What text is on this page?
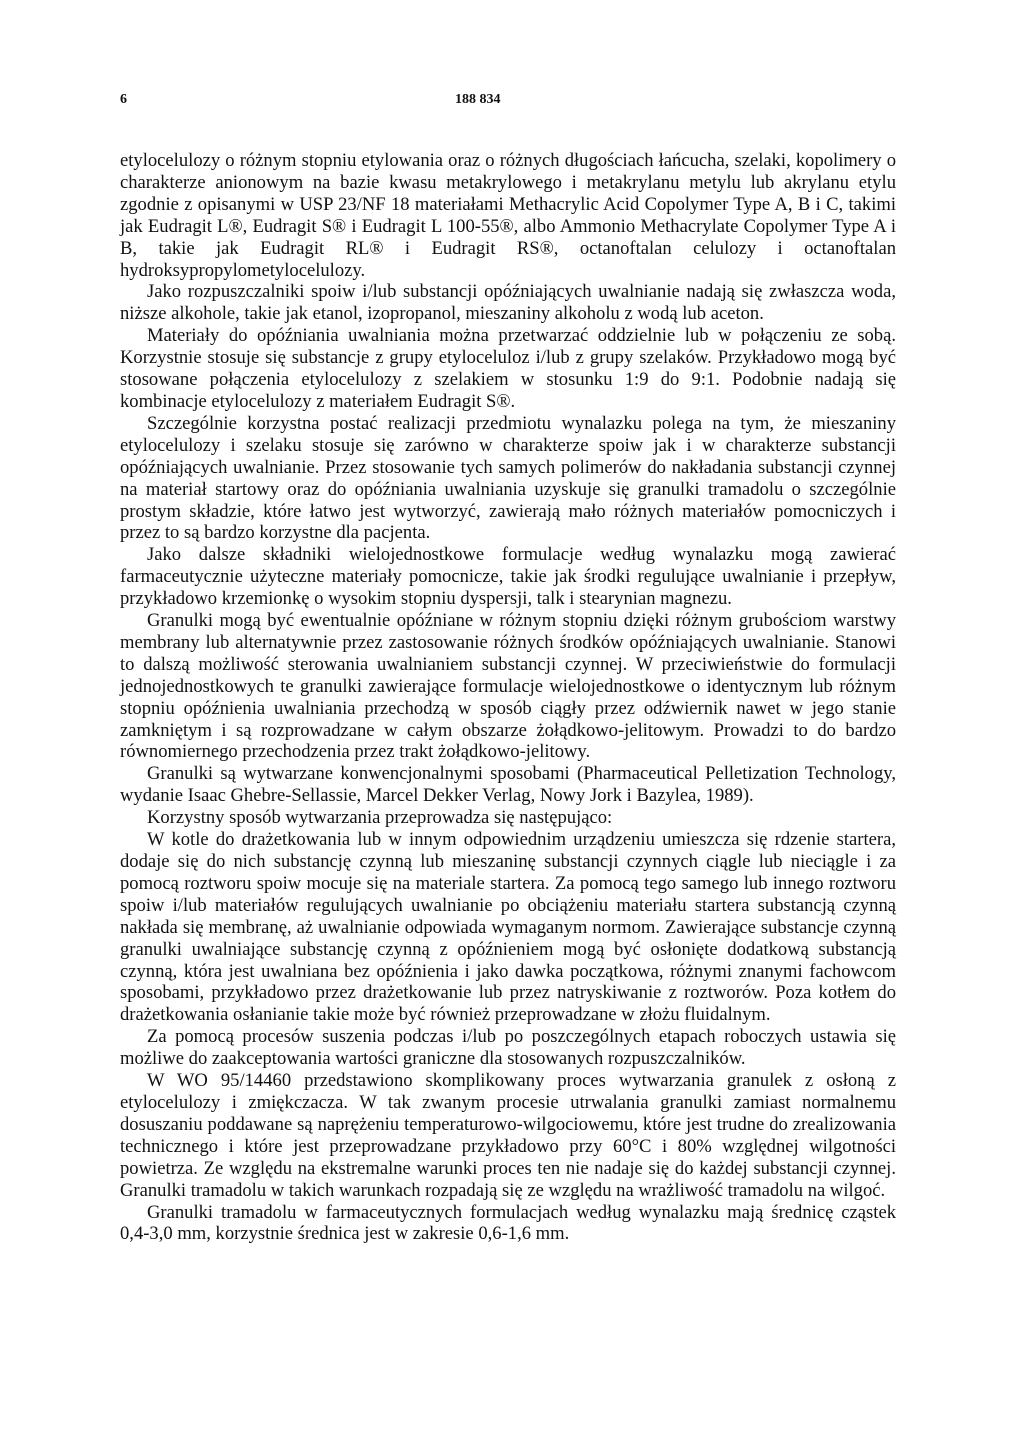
6	188 834

etylocelulozy o różnym stopniu etylowania oraz o różnych długościach łańcucha, szelaki, kopolimery o charakterze anionowym na bazie kwasu metakrylowego i metakrylanu metylu lub akrylanu etylu zgodnie z opisanymi w USP 23/NF 18 materiałami Methacrylic Acid Copolymer Type A, B i C, takimi jak Eudragit L®, Eudragit S® i Eudragit L 100-55®, albo Ammonio Methacrylate Copolymer Type A i B, takie jak Eudragit RL® i Eudragit RS®, octanoftalan celulozy i octanoftalan hydroksypropylometylocelulozy.

Jako rozpuszczalniki spoiw i/lub substancji opóźniających uwalnianie nadają się zwłaszcza woda, niższe alkohole, takie jak etanol, izopropanol, mieszaniny alkoholu z wodą lub aceton.

Materiały do opóźniania uwalniania można przetwarzać oddzielnie lub w połączeniu ze sobą. Korzystnie stosuje się substancje z grupy etyloceluloz i/lub z grupy szelaków. Przykładowo mogą być stosowane połączenia etylocelulozy z szelakiem w stosunku 1:9 do 9:1. Podobnie nadają się kombinacje etylocelulozy z materiałem Eudragit S®.

Szczególnie korzystna postać realizacji przedmiotu wynalazku polega na tym, że mieszaniny etylocelulozy i szelaku stosuje się zarówno w charakterze spoiw jak i w charakterze substancji opóźniających uwalnianie. Przez stosowanie tych samych polimerów do nakładania substancji czynnej na materiał startowy oraz do opóźniania uwalniania uzyskuje się granulki tramadolu o szczególnie prostym składzie, które łatwo jest wytworzyć, zawierają mało różnych materiałów pomocniczych i przez to są bardzo korzystne dla pacjenta.

Jako dalsze składniki wielojednostkowe formulacje według wynalazku mogą zawierać farmaceutycznie użyteczne materiały pomocnicze, takie jak środki regulujące uwalnianie i przepływ, przykładowo krzemionkę o wysokim stopniu dyspersji, talk i stearynian magnezu.

Granulki mogą być ewentualnie opóźniane w różnym stopniu dzięki różnym grubościom warstwy membrany lub alternatywnie przez zastosowanie różnych środków opóźniających uwalnianie. Stanowi to dalszą możliwość sterowania uwalnianiem substancji czynnej. W przeciwieństwie do formulacji jednojednostkowych te granulki zawierające formulacje wielojednostkowe o identycznym lub różnym stopniu opóźnienia uwalniania przechodzą w sposób ciągły przez odźwiernik nawet w jego stanie zamkniętym i są rozprowadzane w całym obszarze żołądkowo-jelitowym. Prowadzi to do bardzo równomiernego przechodzenia przez trakt żołądkowo-jelitowy.

Granulki są wytwarzane konwencjonalnymi sposobami (Pharmaceutical Pelletization Technology, wydanie Isaac Ghebre-Sellassie, Marcel Dekker Verlag, Nowy Jork i Bazylea, 1989).

Korzystny sposób wytwarzania przeprowadza się następująco:

W kotle do drażetkowania lub w innym odpowiednim urządzeniu umieszcza się rdzenie startera, dodaje się do nich substancję czynną lub mieszaninę substancji czynnych ciągle lub nieciągle i za pomocą roztworu spoiw mocuje się na materiale startera. Za pomocą tego samego lub innego roztworu spoiw i/lub materiałów regulujących uwalnianie po obciążeniu materiału startera substancją czynną nakłada się membranę, aż uwalnianie odpowiada wymaganym normom. Zawierające substancje czynną granulki uwalniające substancję czynną z opóźnieniem mogą być osłonięte dodatkową substancją czynną, która jest uwalniana bez opóźnienia i jako dawka początkowa, różnymi znanymi fachowcom sposobami, przykładowo przez drażetkowanie lub przez natryskiwanie z roztworów. Poza kotłem do drażetkowania osłanianie takie może być również przeprowadzane w złożu fluidalnym.

Za pomocą procesów suszenia podczas i/lub po poszczególnych etapach roboczych ustawia się możliwe do zaakceptowania wartości graniczne dla stosowanych rozpuszczalników.

W WO 95/14460 przedstawiono skomplikowany proces wytwarzania granulek z osłoną z etylocelulozy i zmiękczacza. W tak zwanym procesie utrwalania granulki zamiast normalnemu dosuszaniu poddawane są naprężeniu temperaturowo-wilgociowemu, które jest trudne do zrealizowania technicznego i które jest przeprowadzane przykładowo przy 60°C i 80% względnej wilgotności powietrza. Ze względu na ekstremalne warunki proces ten nie nadaje się do każdej substancji czynnej. Granulki tramadolu w takich warunkach rozpadają się ze względu na wrażliwość tramadolu na wilgoć.

Granulki tramadolu w farmaceutycznych formulacjach według wynalazku mają średnicę cząstek 0,4-3,0 mm, korzystnie średnica jest w zakresie 0,6-1,6 mm.
